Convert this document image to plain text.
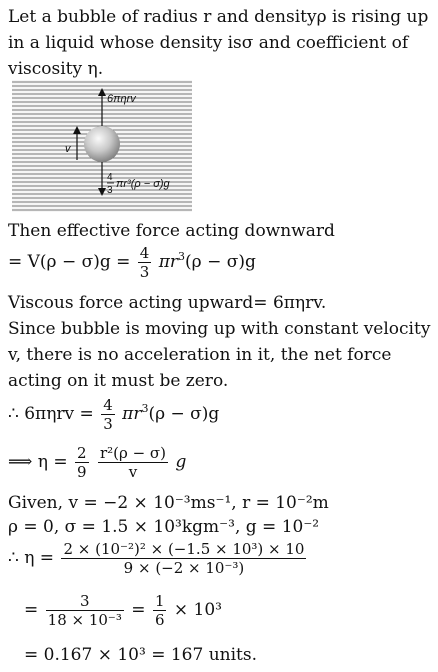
Let a bubble of radius r and densityρ is rising up
in a liquid whose density isσ and coefficient of
viscosity η.
6πηrv
v
4
3
πr³(ρ − σ)g
Then effective force acting downward
= $V(\rho - \sigma)g = \frac{4}{3} \pi r^3(\rho - \sigma)g$
Viscous force acting upward= 6πηrv.
Since bubble is moving up with constant velocity
v, there is no acceleration in it, the net force
acting on it must be zero.
∴ $6\pi\eta rv = \frac{4}{3} \pi r^3(\rho - \sigma)g$
⟹ $\eta = \frac{2}{9}$
$\frac{\text{r²(ρ − σ)}}{v}$ g
Given, v = −2 × 10⁻³ms⁻¹, r = 10⁻²m
ρ = 0, σ = 1.5 × 10³kgm⁻³, g = 10⁻²
∴ $\eta = \frac{\text{2 × (10⁻²)² × (−1.5 × 10³) × 10}}{\text{9 × (−2 × 10⁻³)}}$
= $\frac{3}{\text{18 × 10⁻³}} = \frac{1}{6} \times 10^3$
= 0.167 × 10³ = 167 units.
